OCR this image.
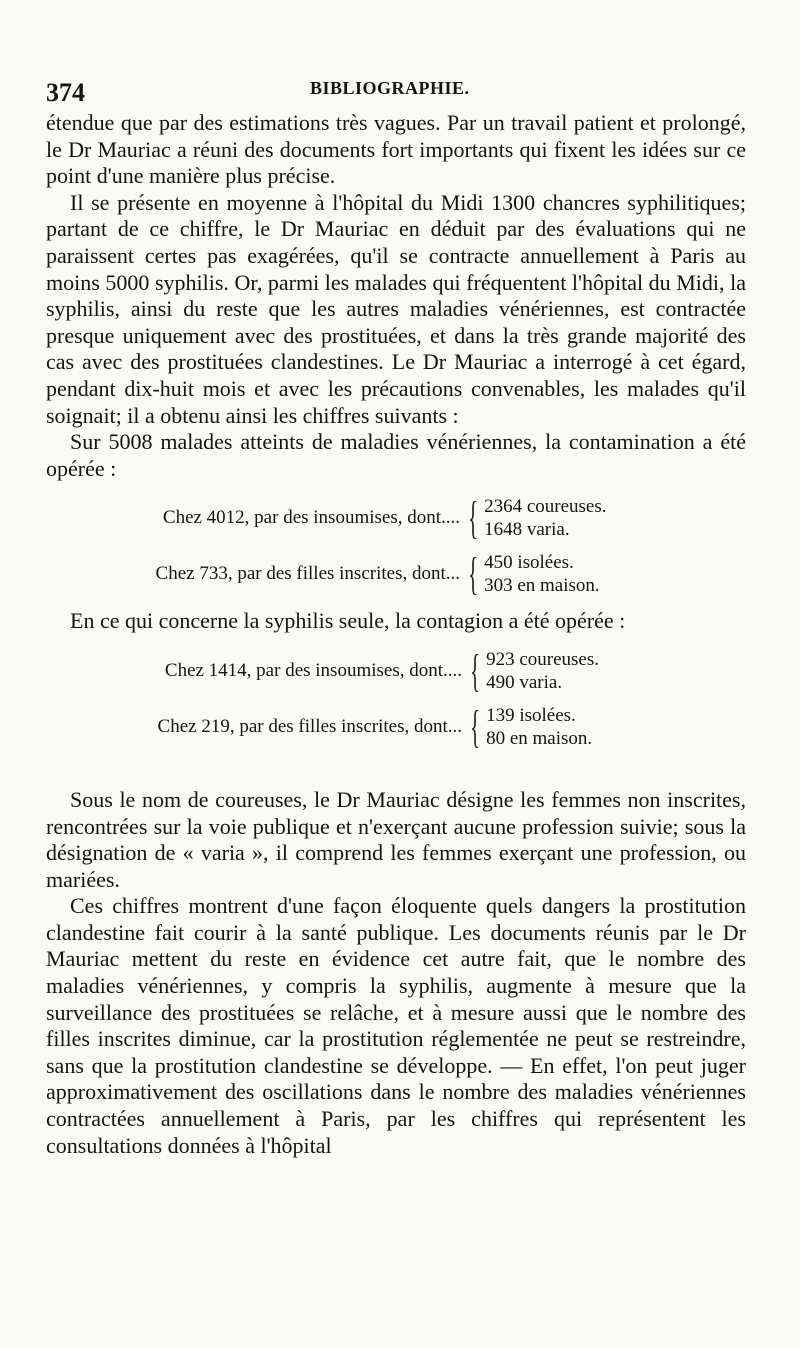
374	BIBLIOGRAPHIE.

étendue que par des estimations très vagues. Par un travail patient et prolongé, le Dr Mauriac a réuni des documents fort importants qui fixent les idées sur ce point d'une manière plus précise.

Il se présente en moyenne à l'hôpital du Midi 1300 chancres syphilitiques; partant de ce chiffre, le Dr Mauriac en déduit par des évaluations qui ne paraissent certes pas exagérées, qu'il se contracte annuellement à Paris au moins 5000 syphilis. Or, parmi les malades qui fréquentent l'hôpital du Midi, la syphilis, ainsi du reste que les autres maladies vénériennes, est contractée presque uniquement avec des prostituées, et dans la très grande majorité des cas avec des prostituées clandestines. Le Dr Mauriac a interrogé à cet égard, pendant dix-huit mois et avec les précautions convenables, les malades qu'il soignait; il a obtenu ainsi les chiffres suivants :

Sur 5008 malades atteints de maladies vénériennes, la contamination a été opérée :

Chez 4012, par des insoumises, dont.... { 2364 coureuses.
1648 varia.
Chez 733, par des filles inscrites, dont... { 450 isolées.
303 en maison.

En ce qui concerne la syphilis seule, la contagion a été opérée :

Chez 1414, par des insoumises, dont.... { 923 coureuses.
490 varia.
Chez 219, par des filles inscrites, dont... { 139 isolées.
80 en maison.

Sous le nom de coureuses, le Dr Mauriac désigne les femmes non inscrites, rencontrées sur la voie publique et n'exerçant aucune profession suivie; sous la désignation de « varia », il comprend les femmes exerçant une profession, ou mariées.

Ces chiffres montrent d'une façon éloquente quels dangers la prostitution clandestine fait courir à la santé publique. Les documents réunis par le Dr Mauriac mettent du reste en évidence cet autre fait, que le nombre des maladies vénériennes, y compris la syphilis, augmente à mesure que la surveillance des prostituées se relâche, et à mesure aussi que le nombre des filles inscrites diminue, car la prostitution réglementée ne peut se restreindre, sans que la prostitution clandestine se développe. — En effet, l'on peut juger approximativement des oscillations dans le nombre des maladies vénériennes contractées annuellement à Paris, par les chiffres qui représentent les consultations données à l'hôpital
